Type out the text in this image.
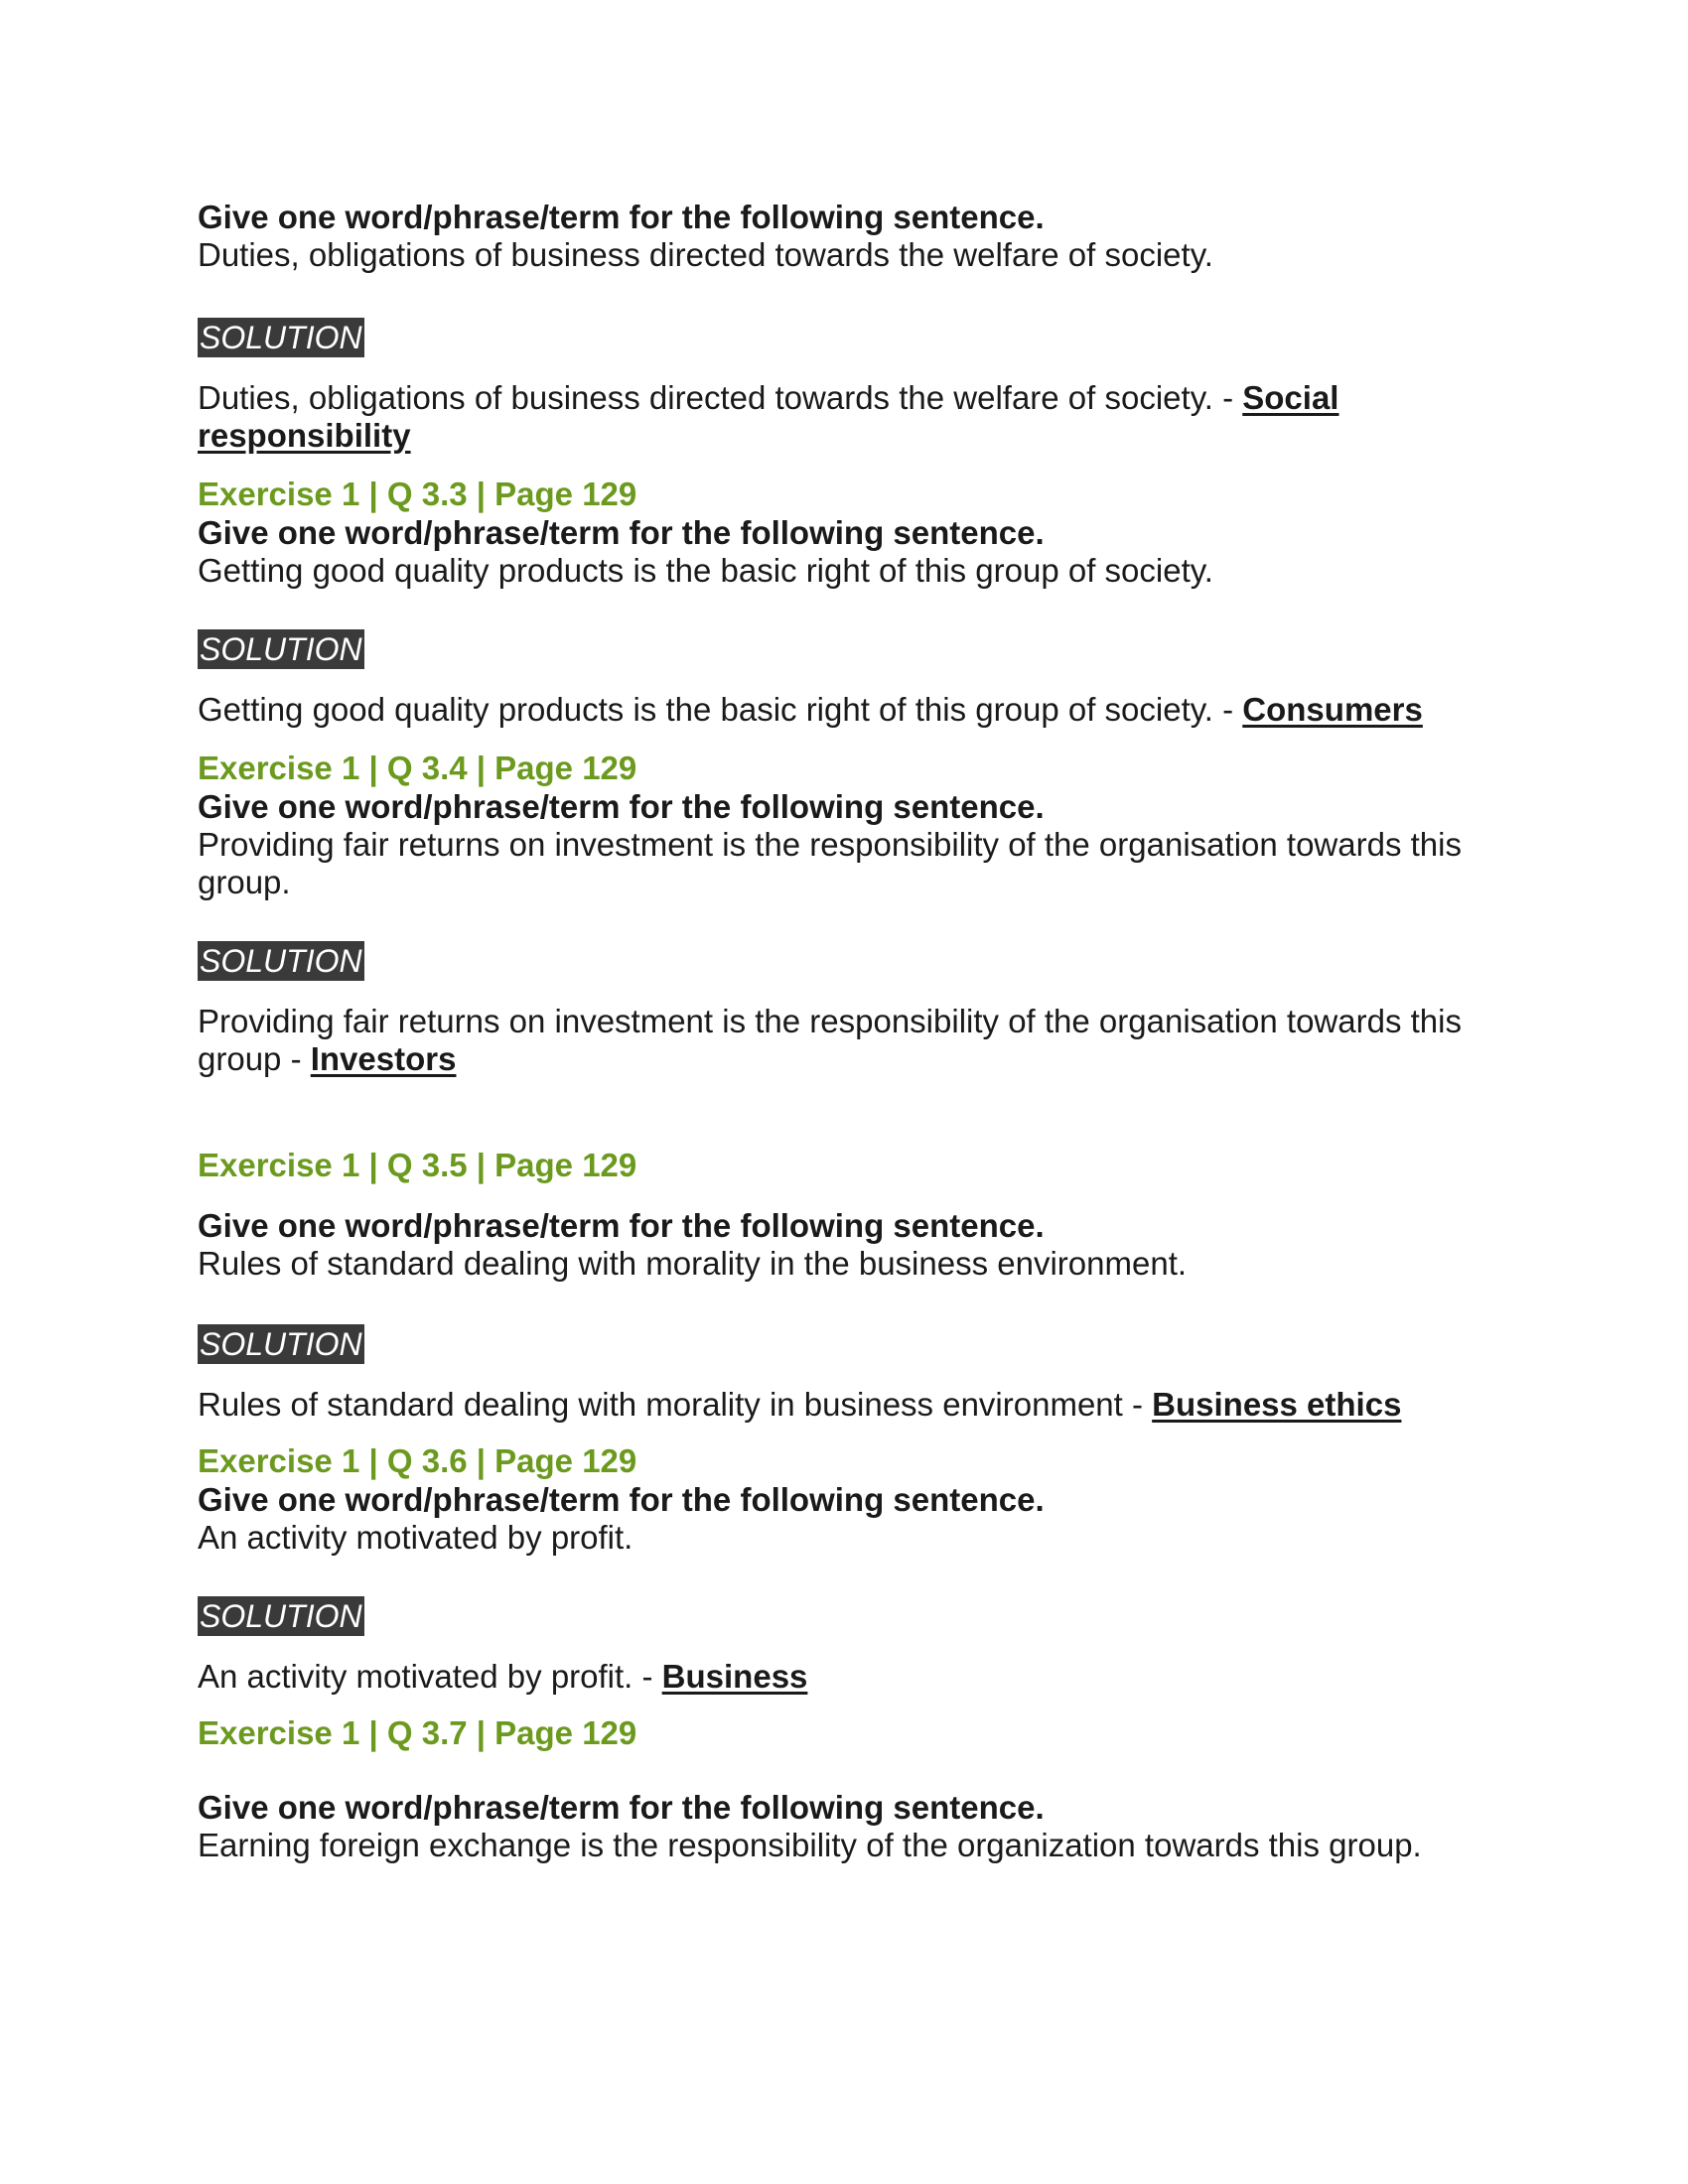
Give one word/phrase/term for the following sentence.

Duties, obligations of business directed towards the welfare of society.

SOLUTION

Duties, obligations of business directed towards the welfare of society. - Social responsibility

Exercise 1 | Q 3.3 | Page 129

Give one word/phrase/term for the following sentence.

Getting good quality products is the basic right of this group of society.

SOLUTION

Getting good quality products is the basic right of this group of society. - Consumers

Exercise 1 | Q 3.4 | Page 129

Give one word/phrase/term for the following sentence.

Providing fair returns on investment is the responsibility of the organisation towards this group.

SOLUTION

Providing fair returns on investment is the responsibility of the organisation towards this group - Investors

Exercise 1 | Q 3.5 | Page 129

Give one word/phrase/term for the following sentence.

Rules of standard dealing with morality in the business environment.

SOLUTION

Rules of standard dealing with morality in business environment - Business ethics

Exercise 1 | Q 3.6 | Page 129

Give one word/phrase/term for the following sentence.

An activity motivated by profit.

SOLUTION

An activity motivated by profit. - Business

Exercise 1 | Q 3.7 | Page 129

Give one word/phrase/term for the following sentence.

Earning foreign exchange is the responsibility of the organization towards this group.
